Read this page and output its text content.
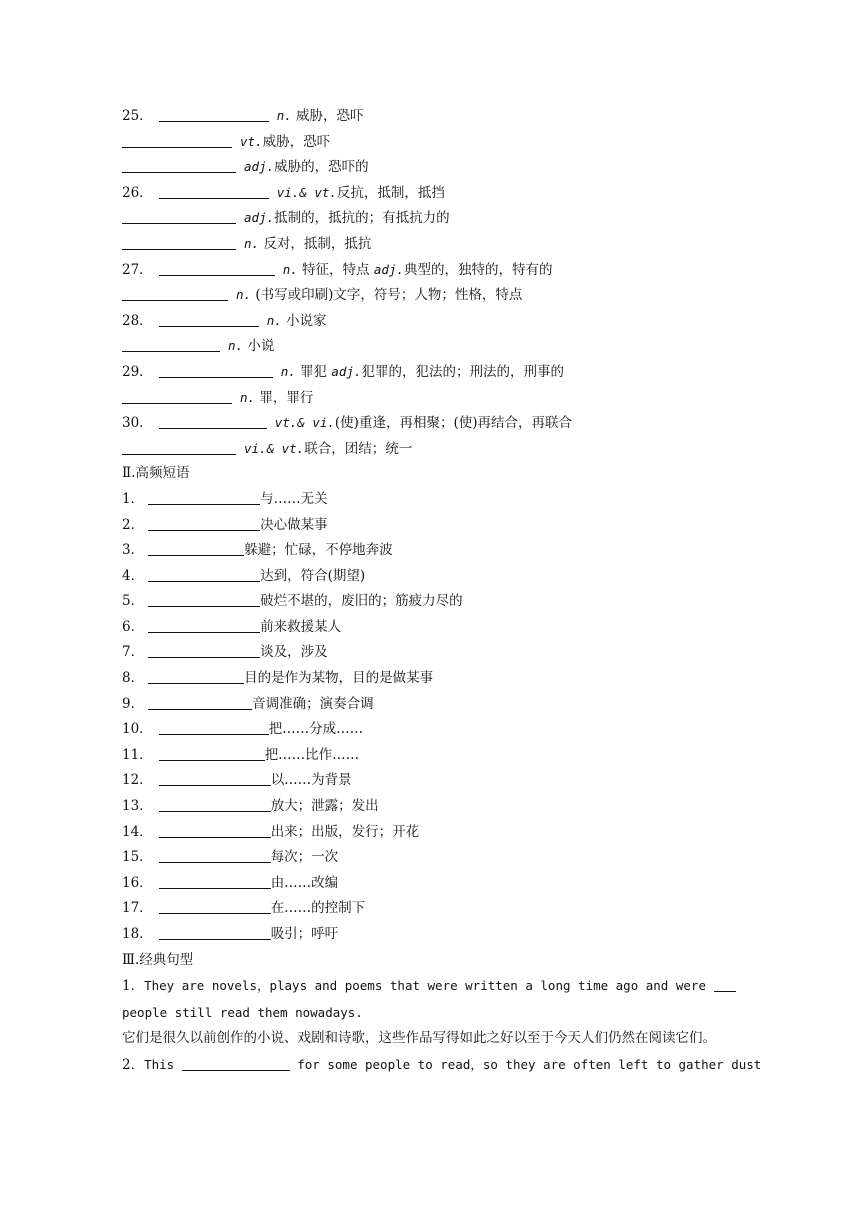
25．	n. 威胁，恐吓
vt.威胁，恐吓
adj.威胁的，恐吓的
26．	vi.& vt.反抗，抵制，抵挡
adj.抵制的，抵抗的；有抵抗力的
n. 反对，抵制，抵抗
27．	n. 特征，特点 adj.典型的，独特的，特有的
n. (书写或印刷)文字，符号；人物；性格，特点
28．	n. 小说家
n. 小说
29．	n. 罪犯 adj.犯罪的，犯法的；刑法的，刑事的
n. 罪，罪行
30．	vt.& vi.(使)重逢，再相聚；(使)再结合，再联合
vi.& vt.联合，团结；统一
Ⅱ.高频短语
1．	与……无关
2．	决心做某事
3．	躲避；忙碌，不停地奔波
4．	达到，符合(期望)
5．	破烂不堪的，废旧的；筋疲力尽的
6．	前来救援某人
7．	谈及，涉及
8．	目的是作为某物，目的是做某事
9．	音调准确；演奏合调
10．	把……分成……
11．	把……比作……
12．	以……为背景
13．	放大；泄露；发出
14．	出来；出版，发行；开花
15．	每次；一次
16．	由……改编
17．	在……的控制下
18．	吸引；呼吁
Ⅲ.经典句型
1．They are novels，plays and poems that were written a long time ago and were people still read them nowadays.
它们是很久以前创作的小说、戏剧和诗歌，这些作品写得如此之好以至于今天人们仍然在阅读它们。
2．This	for some people to read，so they are often left to gather dust
